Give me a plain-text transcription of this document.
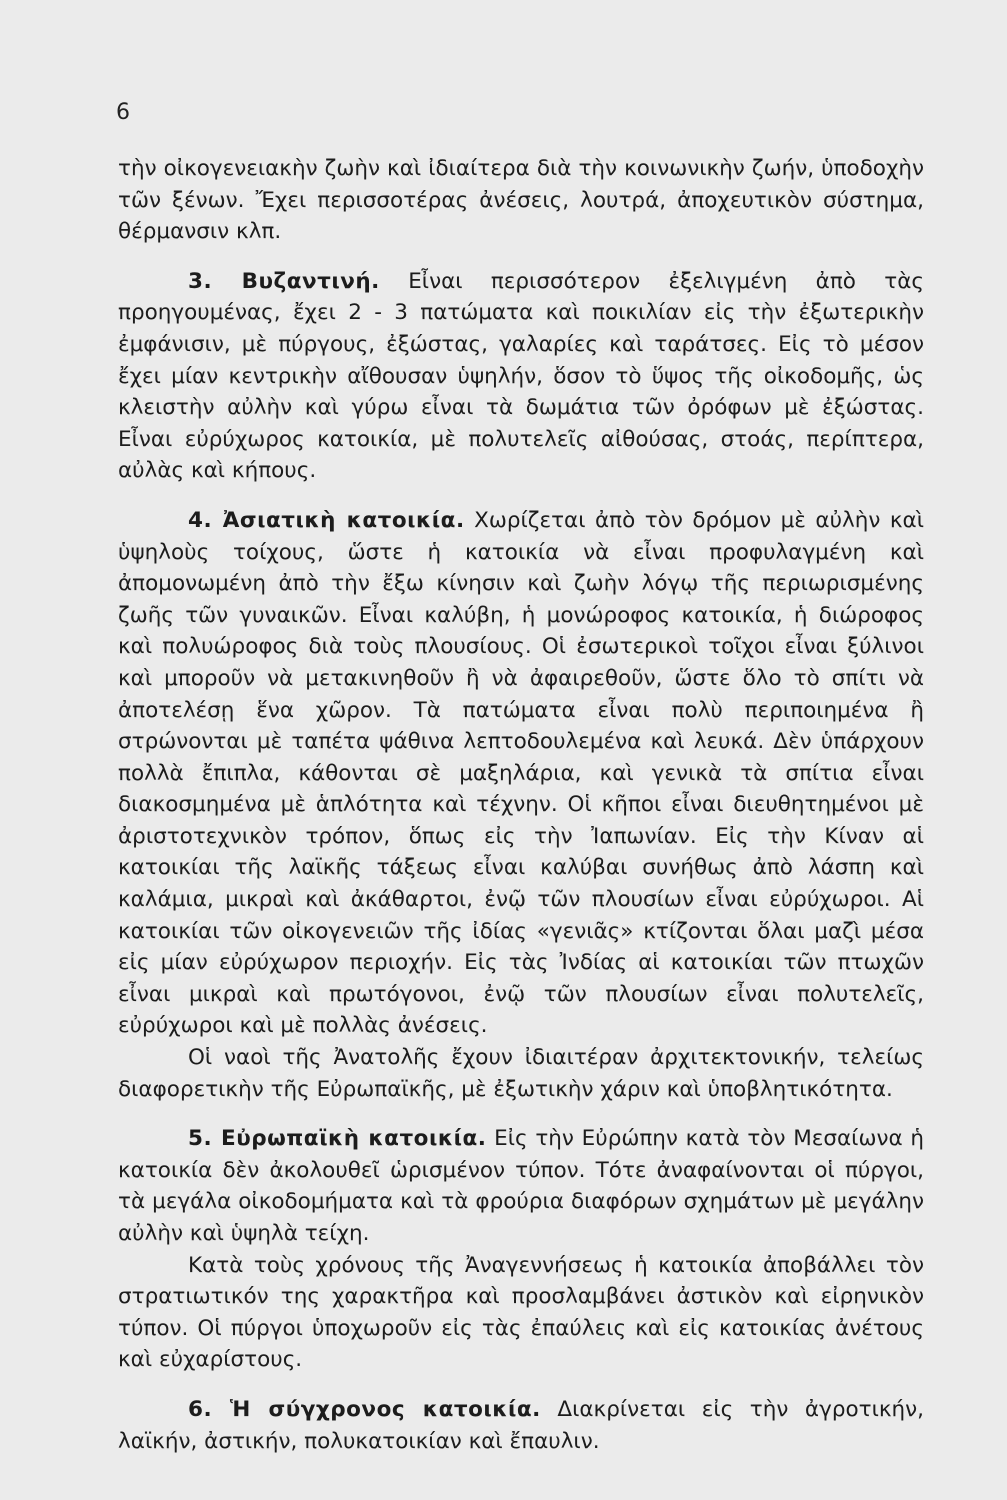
6

τὴν οἰκογενειακὴν ζωὴν καὶ ἰδιαίτερα διὰ τὴν κοινωνικὴν ζωήν, ὑποδοχὴν τῶν ξένων. Ἔχει περισσοτέρας ἀνέσεις, λουτρά, ἀποχευτικὸν σύστημα, θέρμανσιν κλπ.

3. Βυζαντινή. Εἶναι περισσότερον ἐξελιγμένη ἀπὸ τὰς προηγουμένας, ἔχει 2 - 3 πατώματα καὶ ποικιλίαν εἰς τὴν ἐξωτερικὴν ἐμφάνισιν, μὲ πύργους, ἐξώστας, γαλαρίες καὶ ταράτσες. Εἰς τὸ μέσον ἔχει μίαν κεντρικὴν αἴθουσαν ὑψηλήν, ὅσον τὸ ὕψος τῆς οἰκοδομῆς, ὡς κλειστὴν αὐλὴν καὶ γύρω εἶναι τὰ δωμάτια τῶν ὀρόφων μὲ ἐξώστας. Εἶναι εὐρύχωρος κατοικία, μὲ πολυτελεῖς αἰθούσας, στοάς, περίπτερα, αὐλὰς καὶ κήπους.

4. Ἀσιατικὴ κατοικία. Χωρίζεται ἀπὸ τὸν δρόμον μὲ αὐλὴν καὶ ὑψηλοὺς τοίχους, ὥστε ἡ κατοικία νὰ εἶναι προφυλαγμένη καὶ ἀπομονωμένη ἀπὸ τὴν ἔξω κίνησιν καὶ ζωὴν λόγῳ τῆς περιωρισμένης ζωῆς τῶν γυναικῶν. Εἶναι καλύβη, ἡ μονώροφος κατοικία, ἡ διώροφος καὶ πολυώροφος διὰ τοὺς πλουσίους. Οἱ ἐσωτερικοὶ τοῖχοι εἶναι ξύλινοι καὶ μποροῦν νὰ μετακινηθοῦν ἢ νὰ ἀφαιρεθοῦν, ὥστε ὅλο τὸ σπίτι νὰ ἀποτελέσῃ ἕνα χῶρον. Τὰ πατώματα εἶναι πολὺ περιποιημένα ἢ στρώνονται μὲ ταπέτα ψάθινα λεπτοδουλεμένα καὶ λευκά. Δὲν ὑπάρχουν πολλὰ ἔπιπλα, κάθονται σὲ μαξηλάρια, καὶ γενικὰ τὰ σπίτια εἶναι διακοσμημένα μὲ ἁπλότητα καὶ τέχνην. Οἱ κῆποι εἶναι διευθητημένοι μὲ ἀριστοτεχνικὸν τρόπον, ὅπως εἰς τὴν Ἰαπωνίαν. Εἰς τὴν Κίναν αἱ κατοικίαι τῆς λαϊκῆς τάξεως εἶναι καλύβαι συνήθως ἀπὸ λάσπη καὶ καλάμια, μικραὶ καὶ ἀκάθαρτοι, ἐνῷ τῶν πλουσίων εἶναι εὐρύχωροι. Αἱ κατοικίαι τῶν οἰκογενειῶν τῆς ἰδίας «γενιᾶς» κτίζονται ὅλαι μαζὶ μέσα εἰς μίαν εὐρύχωρον περιοχήν. Εἰς τὰς Ἰνδίας αἱ κατοικίαι τῶν πτωχῶν εἶναι μικραὶ καὶ πρωτόγονοι, ἐνῷ τῶν πλουσίων εἶναι πολυτελεῖς, εὐρύχωροι καὶ μὲ πολλὰς ἀνέσεις.

Οἱ ναοὶ τῆς Ἀνατολῆς ἔχουν ἰδιαιτέραν ἀρχιτεκτονικήν, τελείως διαφορετικὴν τῆς Εὐρωπαϊκῆς, μὲ ἐξωτικὴν χάριν καὶ ὑποβλητικότητα.

5. Εὐρωπαϊκὴ κατοικία. Εἰς τὴν Εὐρώπην κατὰ τὸν Μεσαίωνα ἡ κατοικία δὲν ἀκολουθεῖ ὡρισμένον τύπον. Τότε ἀναφαίνονται οἱ πύργοι, τὰ μεγάλα οἰκοδομήματα καὶ τὰ φρούρια διαφόρων σχημάτων μὲ μεγάλην αὐλὴν καὶ ὑψηλὰ τείχη.

Κατὰ τοὺς χρόνους τῆς Ἀναγεννήσεως ἡ κατοικία ἀποβάλλει τὸν στρατιωτικόν της χαρακτῆρα καὶ προσλαμβάνει ἀστικὸν καὶ εἰρηνικὸν τύπον. Οἱ πύργοι ὑποχωροῦν εἰς τὰς ἐπαύλεις καὶ εἰς κατοικίας ἀνέτους καὶ εὐχαρίστους.

6. Ἡ σύγχρονος κατοικία. Διακρίνεται εἰς τὴν ἀγροτικήν, λαϊκήν, ἀστικήν, πολυκατοικίαν καὶ ἔπαυλιν.
